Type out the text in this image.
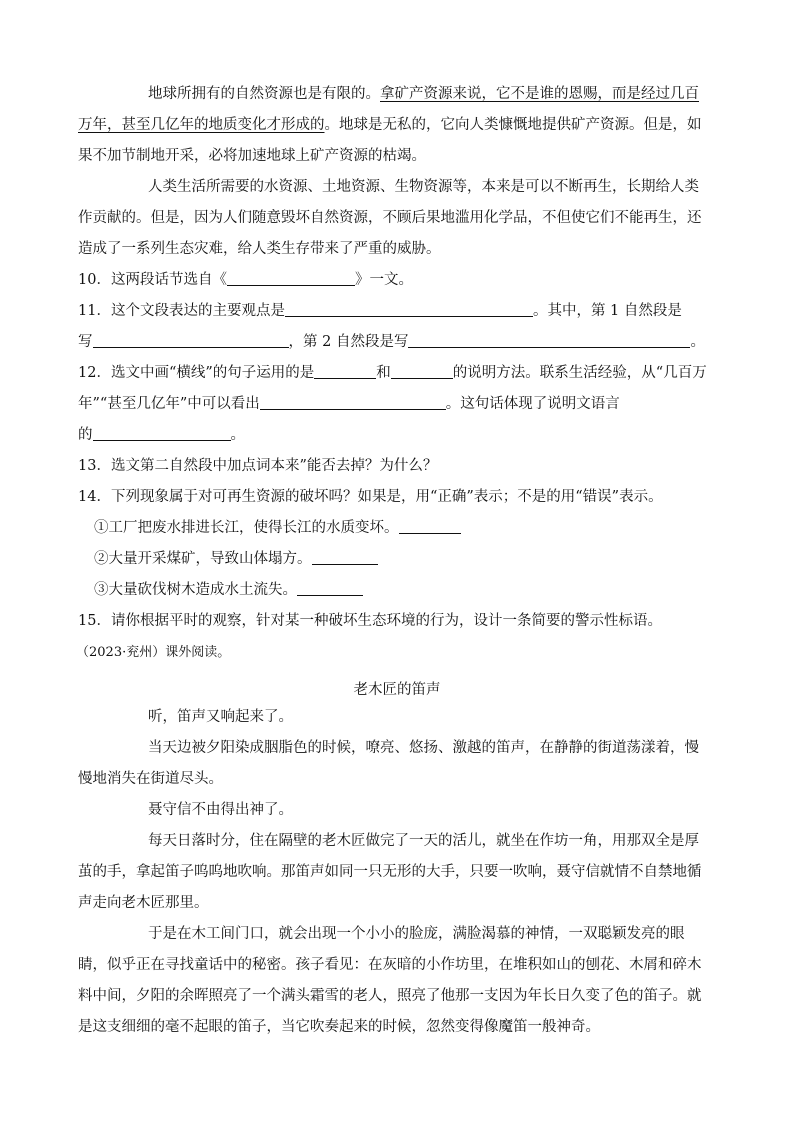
地球所拥有的自然资源也是有限的。拿矿产资源来说，它不是谁的恩赐，而是经过几百
万年，甚至几亿年的地质变化才形成的。地球是无私的，它向人类慷慨地提供矿产资源。但是，如
果不加节制地开采，必将加速地球上矿产资源的枯竭。
人类生活所需要的水资源、土地资源、生物资源等，本来是可以不断再生，长期给人类
作贡献的。但是，因为人们随意毁坏自然资源，不顾后果地滥用化学品，不但使它们不能再生，还
造成了一系列生态灾难，给人类生存带来了严重的威胁。
10．这两段话节选自《	》一文。
11．这个文段表达的主要观点是	。其中，第 1 自然段是
写	，第 2 自然段是写	。
12．选文中画“横线”的句子运用的是	和	的说明方法。联系生活经验，从“几百万
年”“甚至几亿年”中可以看出	。这句话体现了说明文语言
的	。
13．选文第二自然段中加点词本来”能否去掉？为什么？
14．下列现象属于对可再生资源的破坏吗？如果是，用“正确”表示；不是的用“错误”表示。
①工厂把废水排进长江，使得长江的水质变坏。
②大量开采煤矿，导致山体塌方。
③大量砍伐树木造成水土流失。
15．请你根据平时的观察，针对某一种破坏生态环境的行为，设计一条简要的警示性标语。
（2023·兖州）课外阅读。
老木匠的笛声
听，笛声又响起来了。
当天边被夕阳染成胭脂色的时候，嘹亮、悠扬、激越的笛声，在静静的街道荡漾着，慢
慢地消失在街道尽头。
聂守信不由得出神了。
每天日落时分，住在隔壁的老木匠做完了一天的活儿，就坐在作坊一角，用那双全是厚
茧的手，拿起笛子呜呜地吹响。那笛声如同一只无形的大手，只要一吹响，聂守信就情不自禁地循
声走向老木匠那里。
于是在木工间门口，就会出现一个小小的脸庞，满脸渴慕的神情，一双聪颖发亮的眼
睛，似乎正在寻找童话中的秘密。孩子看见：在灰暗的小作坊里，在堆积如山的刨花、木屑和碎木
料中间，夕阳的余晖照亮了一个满头霜雪的老人，照亮了他那一支因为年长日久变了色的笛子。就
是这支细细的毫不起眼的笛子，当它吹奏起来的时候，忽然变得像魔笛一般神奇。
